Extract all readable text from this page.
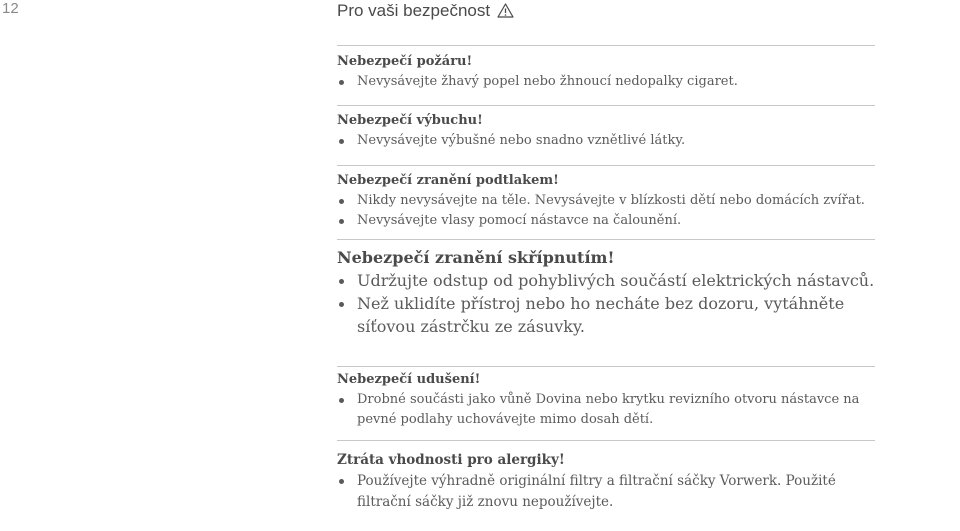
12	Pro vaši bezpečnost
Nebezpečí požáru!
Nevysávejte žhavý popel nebo žhnoucí nedopalky cigaret.
Nebezpečí výbuchu!
Nevysávejte výbušné nebo snadno vznětlivé látky.
Nebezpečí zranění podtlakem!
Nikdy nevysávejte na těle. Nevysávejte v blízkosti dětí nebo domácích zvířat.
Nevysávejte vlasy pomocí nástavce na čalounění.
Nebezpečí zranění skřípnutím!
Udržujte odstup od pohyblivých součástí elektrických nástavců.
Než uklidíte přístroj nebo ho necháte bez dozoru, vytáhněte síťovou zástrčku ze zásuvky.
Nebezpečí udušení!
Drobné součásti jako vůně Dovina nebo krytku revizního otvoru nástavce na pevné podlahy uchovávejte mimo dosah dětí.
Ztráta vhodnosti pro alergiky!
Používejte výhradně originální filtry a filtrační sáčky Vorwerk. Použité filtrační sáčky již znovu nepoužívejte.
